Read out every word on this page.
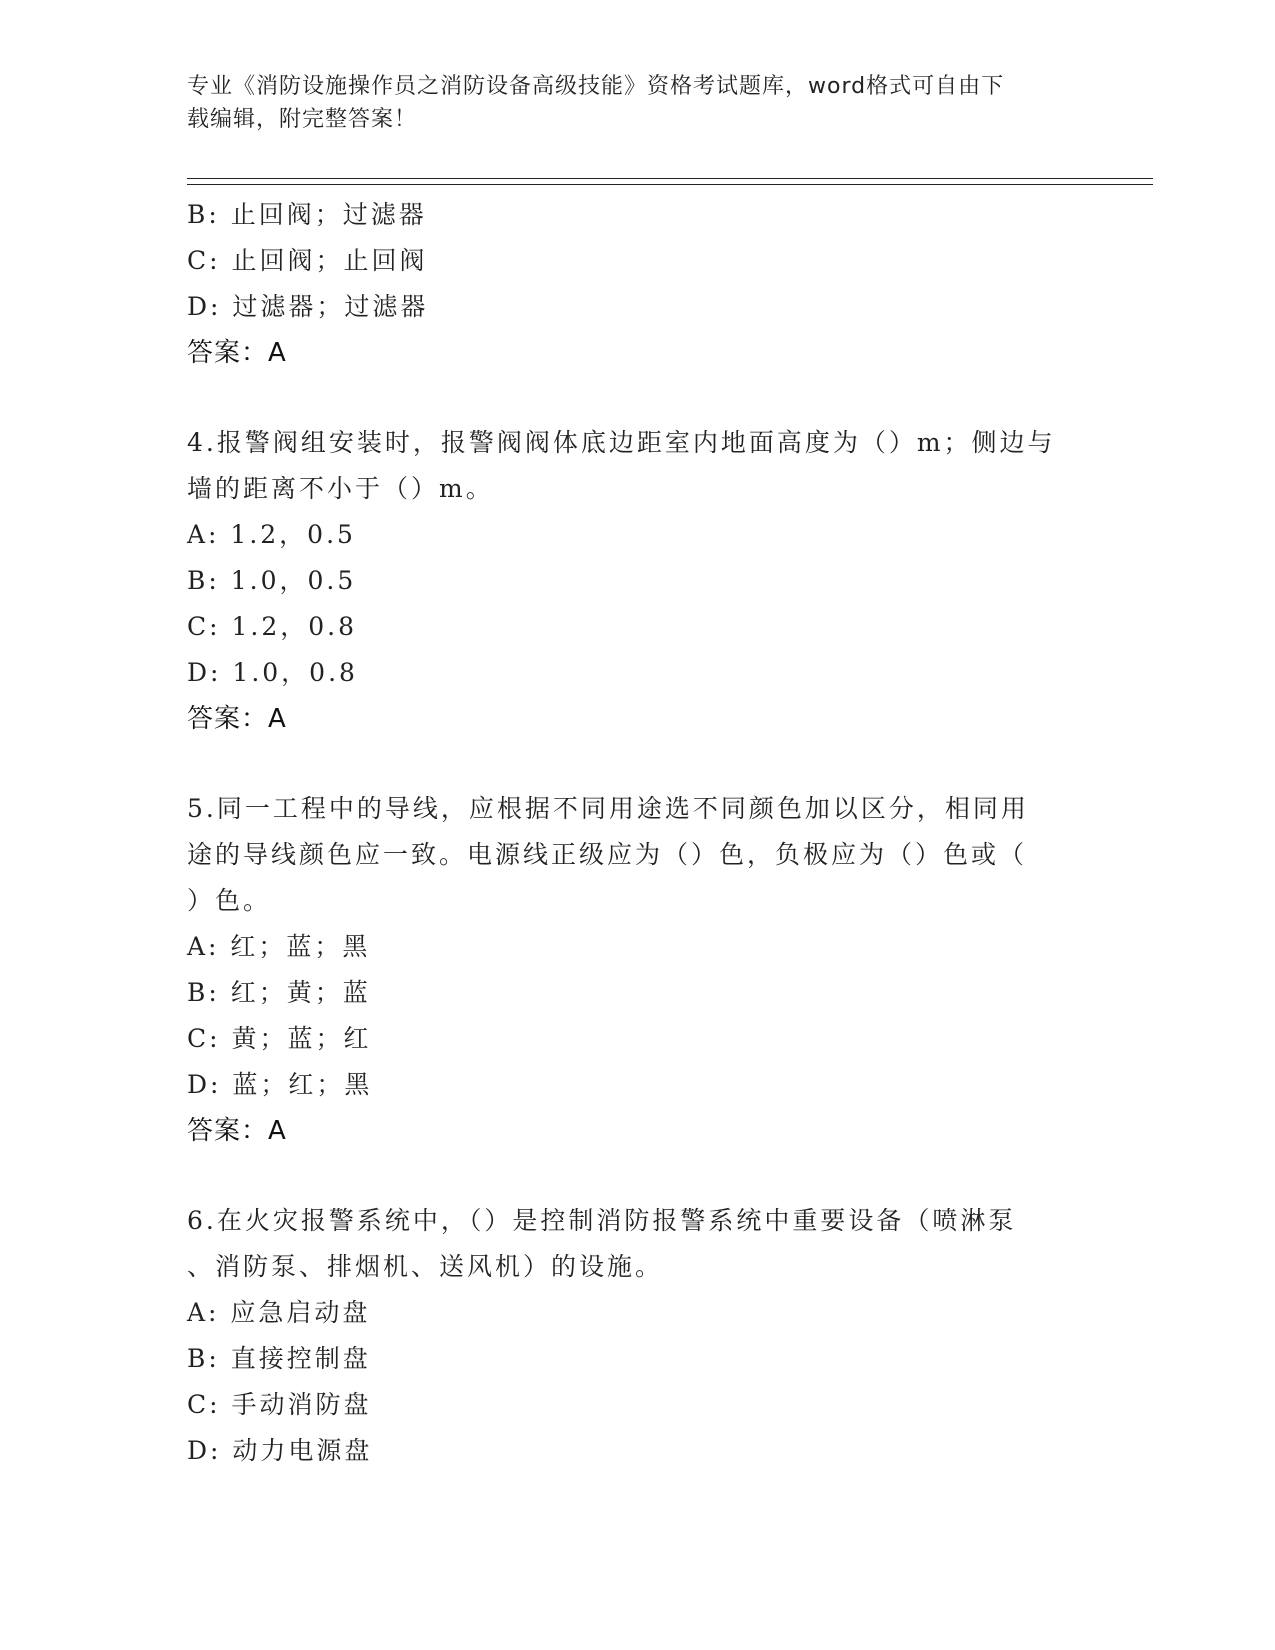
专业《消防设施操作员之消防设备高级技能》资格考试题库，word格式可自由下
载编辑，附完整答案！
B: 止回阀；过滤器
C: 止回阀；止回阀
D: 过滤器；过滤器
答案：A
4.报警阀组安装时，报警阀阀体底边距室内地面高度为（）m；侧边与
墙的距离不小于（）m。
A: 1.2，0.5
B: 1.0，0.5
C: 1.2，0.8
D: 1.0，0.8
答案：A
5.同一工程中的导线，应根据不同用途选不同颜色加以区分，相同用
途的导线颜色应一致。电源线正级应为（）色，负极应为（）色或（
）色。
A: 红；蓝；黑
B: 红；黄；蓝
C: 黄；蓝；红
D: 蓝；红；黑
答案：A
6.在火灾报警系统中，（）是控制消防报警系统中重要设备（喷淋泵
、消防泵、排烟机、送风机）的设施。
A: 应急启动盘
B: 直接控制盘
C: 手动消防盘
D: 动力电源盘
